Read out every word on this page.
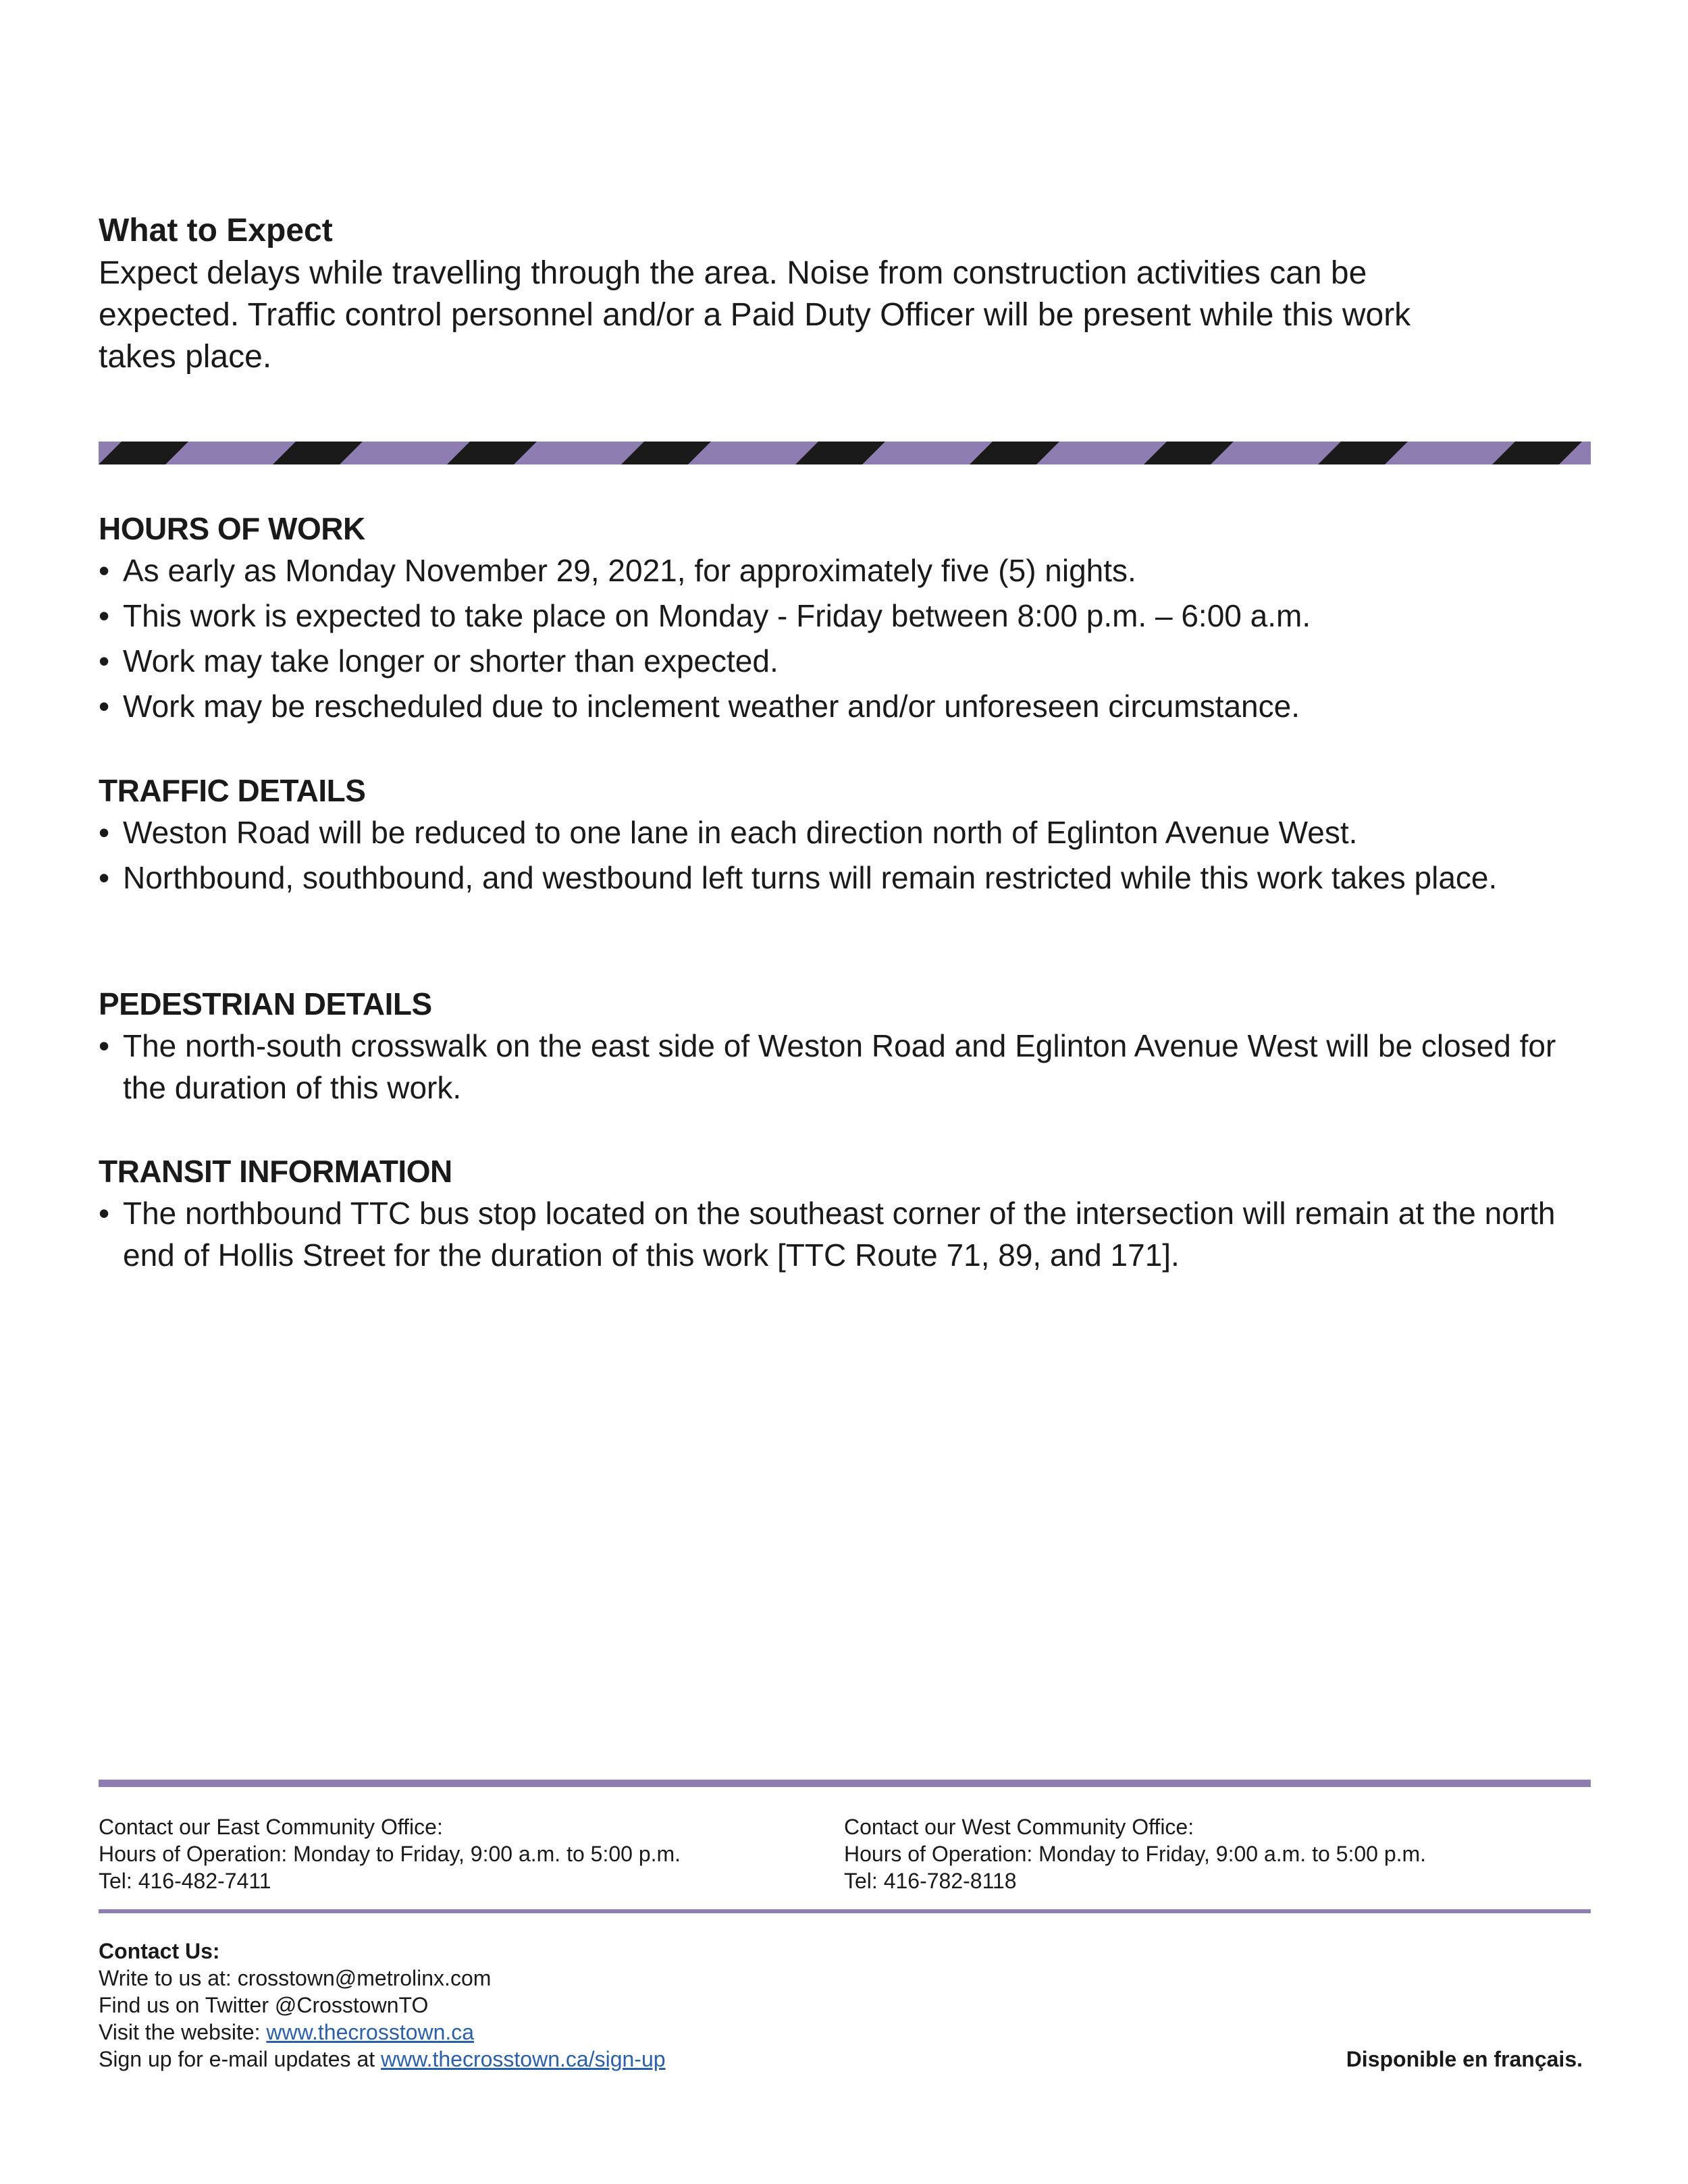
What to Expect

Expect delays while travelling through the area. Noise from construction activities can be
expected. Traffic control personnel and/or a Paid Duty Officer will be present while this work
takes place.

HOURS OF WORK
• As early as Monday November 29, 2021, for approximately five (5) nights.
• This work is expected to take place on Monday - Friday between 8:00 p.m. – 6:00 a.m.
• Work may take longer or shorter than expected.
• Work may be rescheduled due to inclement weather and/or unforeseen circumstance.
TRAFFIC DETAILS
• Weston Road will be reduced to one lane in each direction north of Eglinton Avenue West.
• Northbound, southbound, and westbound left turns will remain restricted while this work takes place.
PEDESTRIAN DETAILS
• The north-south crosswalk on the east side of Weston Road and Eglinton Avenue West will be closed for the duration of this work.
TRANSIT INFORMATION
• The northbound TTC bus stop located on the southeast corner of the intersection will remain at the north end of Hollis Street for the duration of this work [TTC Route 71, 89, and 171].
Contact our East Community Office:
Hours of Operation: Monday to Friday, 9:00 a.m. to 5:00 p.m.
Tel: 416-482-7411
Contact our West Community Office:
Hours of Operation: Monday to Friday, 9:00 a.m. to 5:00 p.m.
Tel: 416-782-8118
Contact Us:
Write to us at: crosstown@metrolinx.com
Find us on Twitter @CrosstownTO
Visit the website: www.thecrosstown.ca
Sign up for e-mail updates at www.thecrosstown.ca/sign-up	Disponible en français.
